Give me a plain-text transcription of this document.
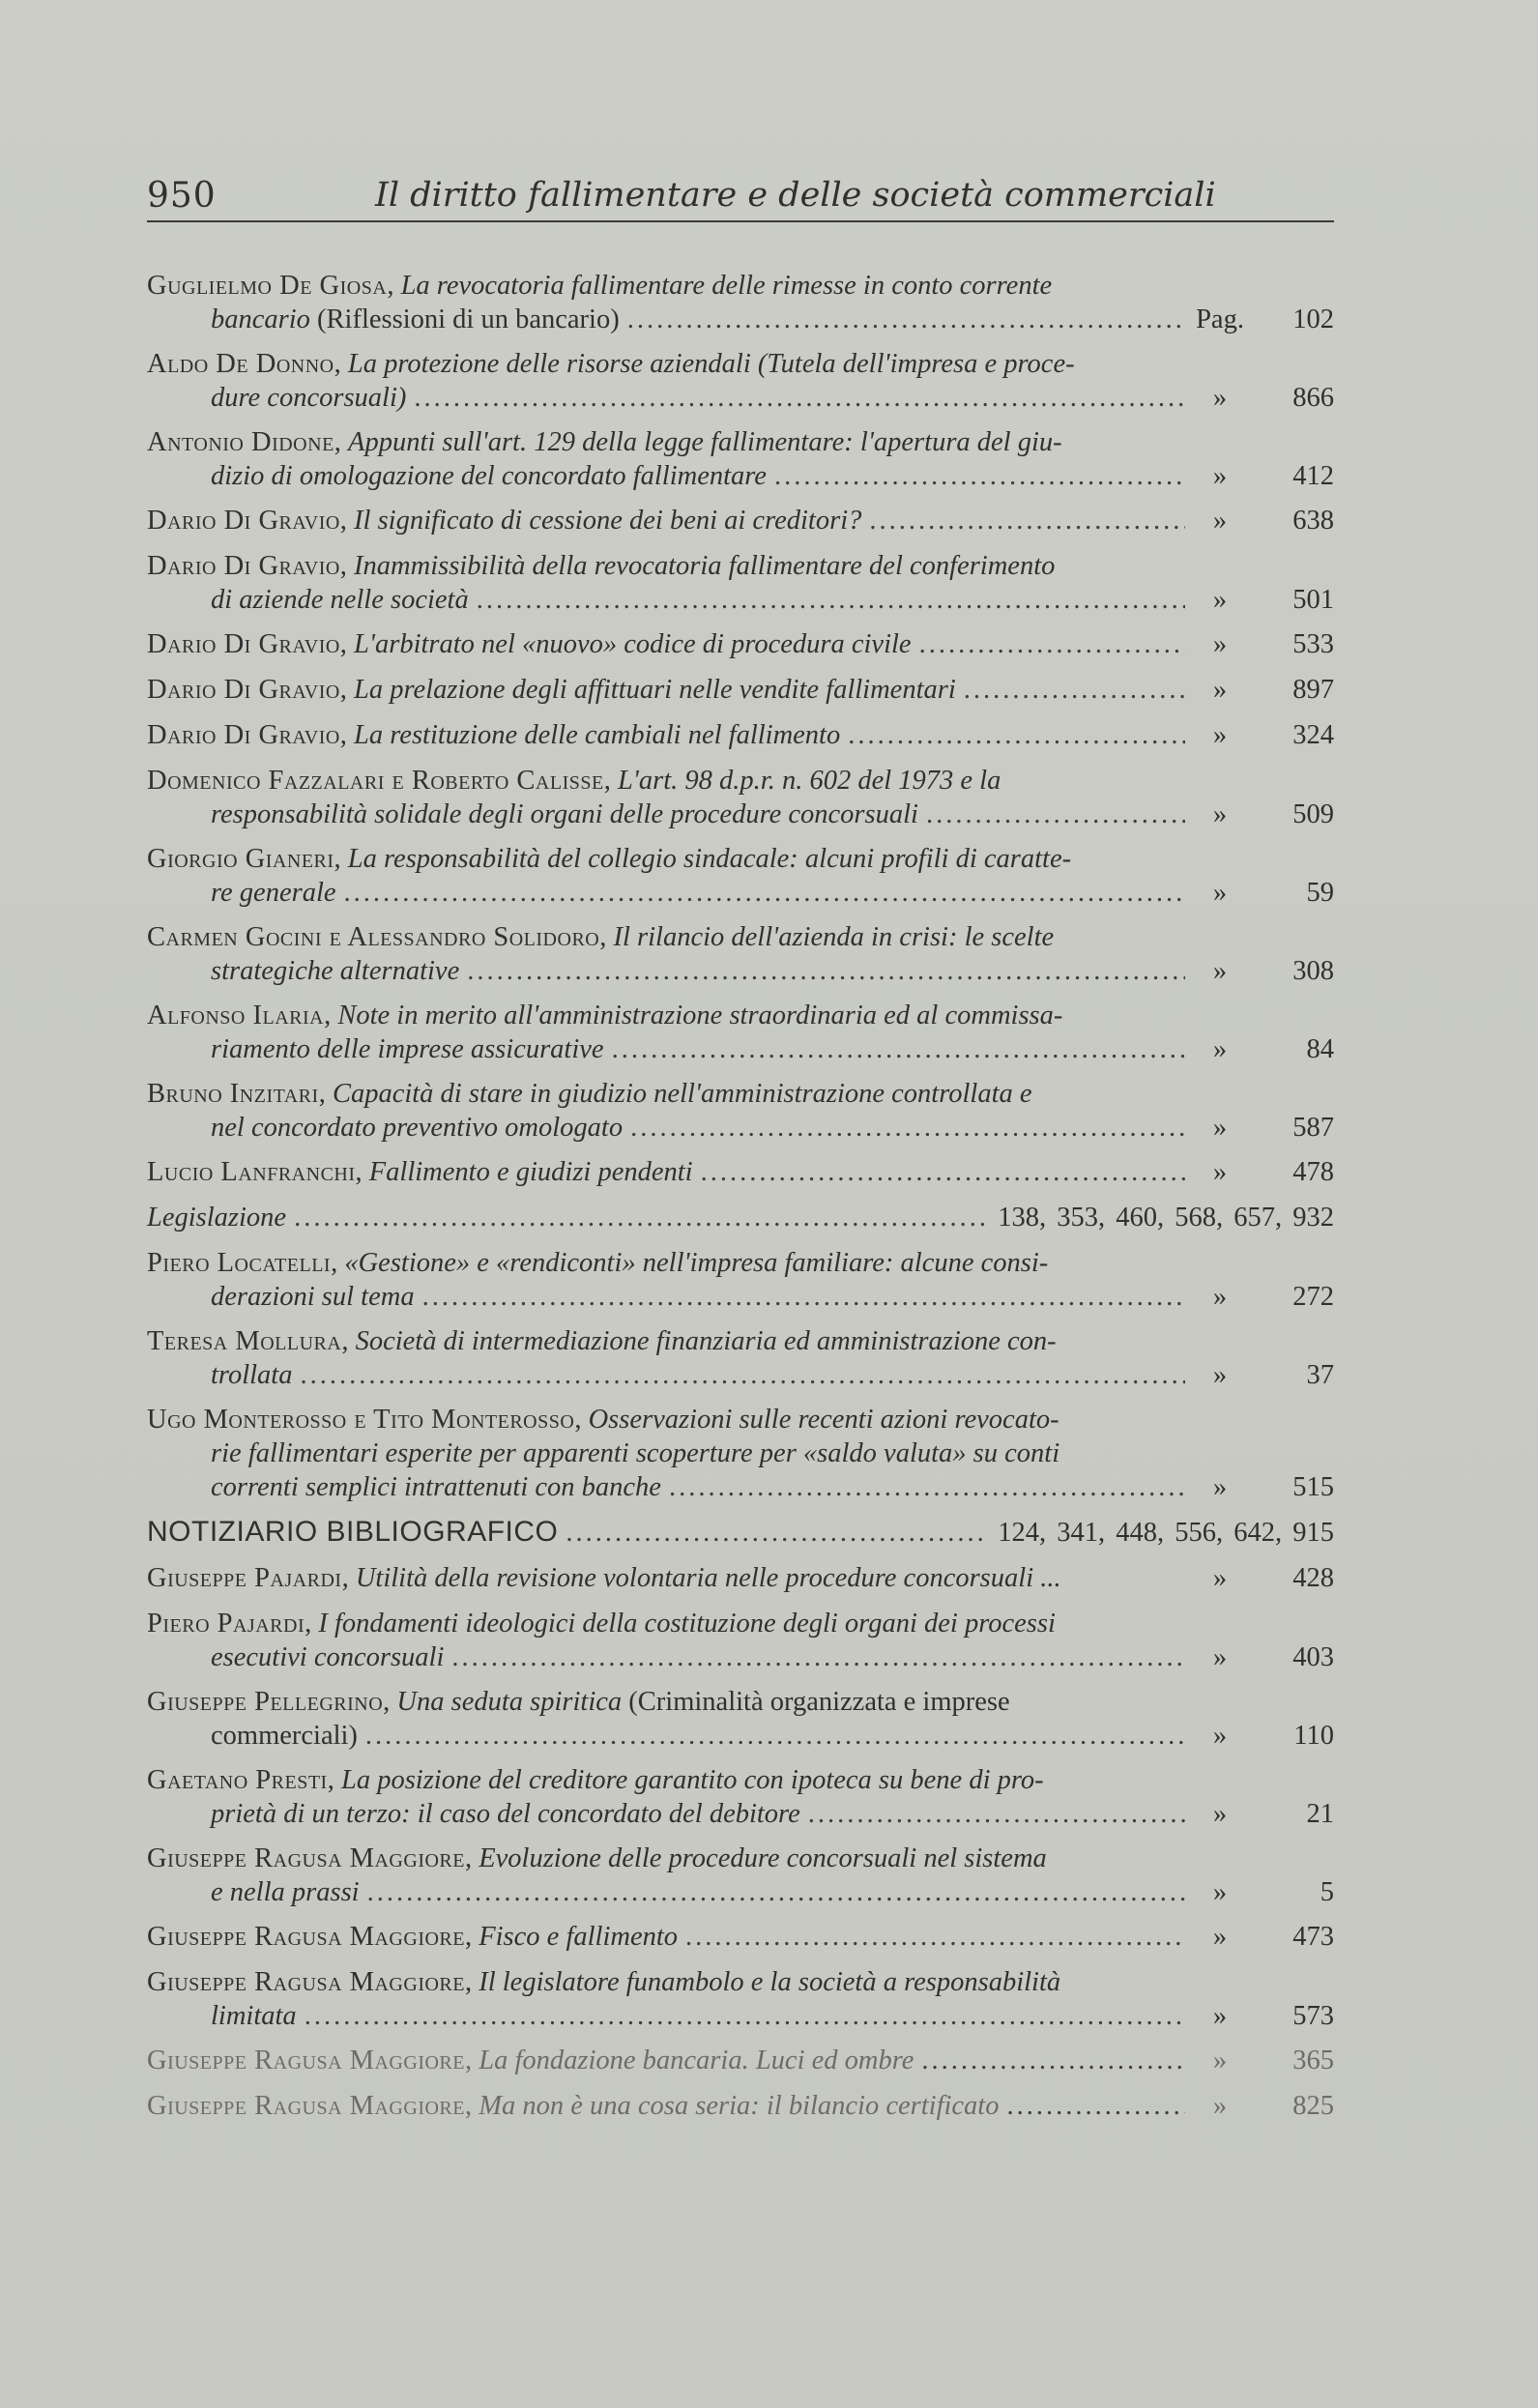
950	Il diritto fallimentare e delle società commerciali
Guglielmo De Giosa, La revocatoria fallimentare delle rimesse in conto corrente
bancario (Riflessioni di un bancario) .....	Pag.	102
Aldo De Donno, La protezione delle risorse aziendali (Tutela dell'impresa e proce-
dure concorsuali) .....	»	866
Antonio Didone, Appunti sull'art. 129 della legge fallimentare: l'apertura del giu-
dizio di omologazione del concordato fallimentare .....	»	412
Dario Di Gravio, Il significato di cessione dei beni ai creditori? .....	»	638
Dario Di Gravio, Inammissibilità della revocatoria fallimentare del conferimento
di aziende nelle società .....	»	501
Dario Di Gravio, L'arbitrato nel «nuovo» codice di procedura civile .....	»	533
Dario Di Gravio, La prelazione degli affittuari nelle vendite fallimentari .....	»	897
Dario Di Gravio, La restituzione delle cambiali nel fallimento .....	»	324
Domenico Fazzalari e Roberto Calisse, L'art. 98 d.p.r. n. 602 del 1973 e la
responsabilità solidale degli organi delle procedure concorsuali .....	»	509
Giorgio Gianeri, La responsabilità del collegio sindacale: alcuni profili di caratte-
re generale .....	»	59
Carmen Gocini e Alessandro Solidoro, Il rilancio dell'azienda in crisi: le scelte
strategiche alternative .....	»	308
Alfonso Ilaria, Note in merito all'amministrazione straordinaria ed al commissa-
riamento delle imprese assicurative .....	»	84
Bruno Inzitari, Capacità di stare in giudizio nell'amministrazione controllata e
nel concordato preventivo omologato .....	»	587
Lucio Lanfranchi, Fallimento e giudizi pendenti .....	»	478
Legislazione .....	138, 353, 460, 568, 657, 932
Piero Locatelli, «Gestione» e «rendiconti» nell'impresa familiare: alcune consi-
derazioni sul tema .....	»	272
Teresa Mollura, Società di intermediazione finanziaria ed amministrazione con-
trollata .....	»	37
Ugo Monterosso e Tito Monterosso, Osservazioni sulle recenti azioni revocato-
rie fallimentari esperite per apparenti scoperture per «saldo valuta» su conti
correnti semplici intrattenuti con banche .....	»	515
NOTIZIARIO BIBLIOGRAFICO .....	124, 341, 448, 556, 642, 915
Giuseppe Pajardi, Utilità della revisione volontaria nelle procedure concorsuali ...	»	428
Piero Pajardi, I fondamenti ideologici della costituzione degli organi dei processi
esecutivi concorsuali .....	»	403
Giuseppe Pellegrino, Una seduta spiritica (Criminalità organizzata e imprese
commerciali) .....	»	110
Gaetano Presti, La posizione del creditore garantito con ipoteca su bene di pro-
prietà di un terzo: il caso del concordato del debitore .....	»	21
Giuseppe Ragusa Maggiore, Evoluzione delle procedure concorsuali nel sistema
e nella prassi .....	»	5
Giuseppe Ragusa Maggiore, Fisco e fallimento .....	»	473
Giuseppe Ragusa Maggiore, Il legislatore funambolo e la società a responsabilità
limitata .....	»	573
Giuseppe Ragusa Maggiore, La fondazione bancaria. Luci ed ombre .....	»	365
Giuseppe Ragusa Maggiore, Ma non è una cosa seria: il bilancio certificato .....	»	825
